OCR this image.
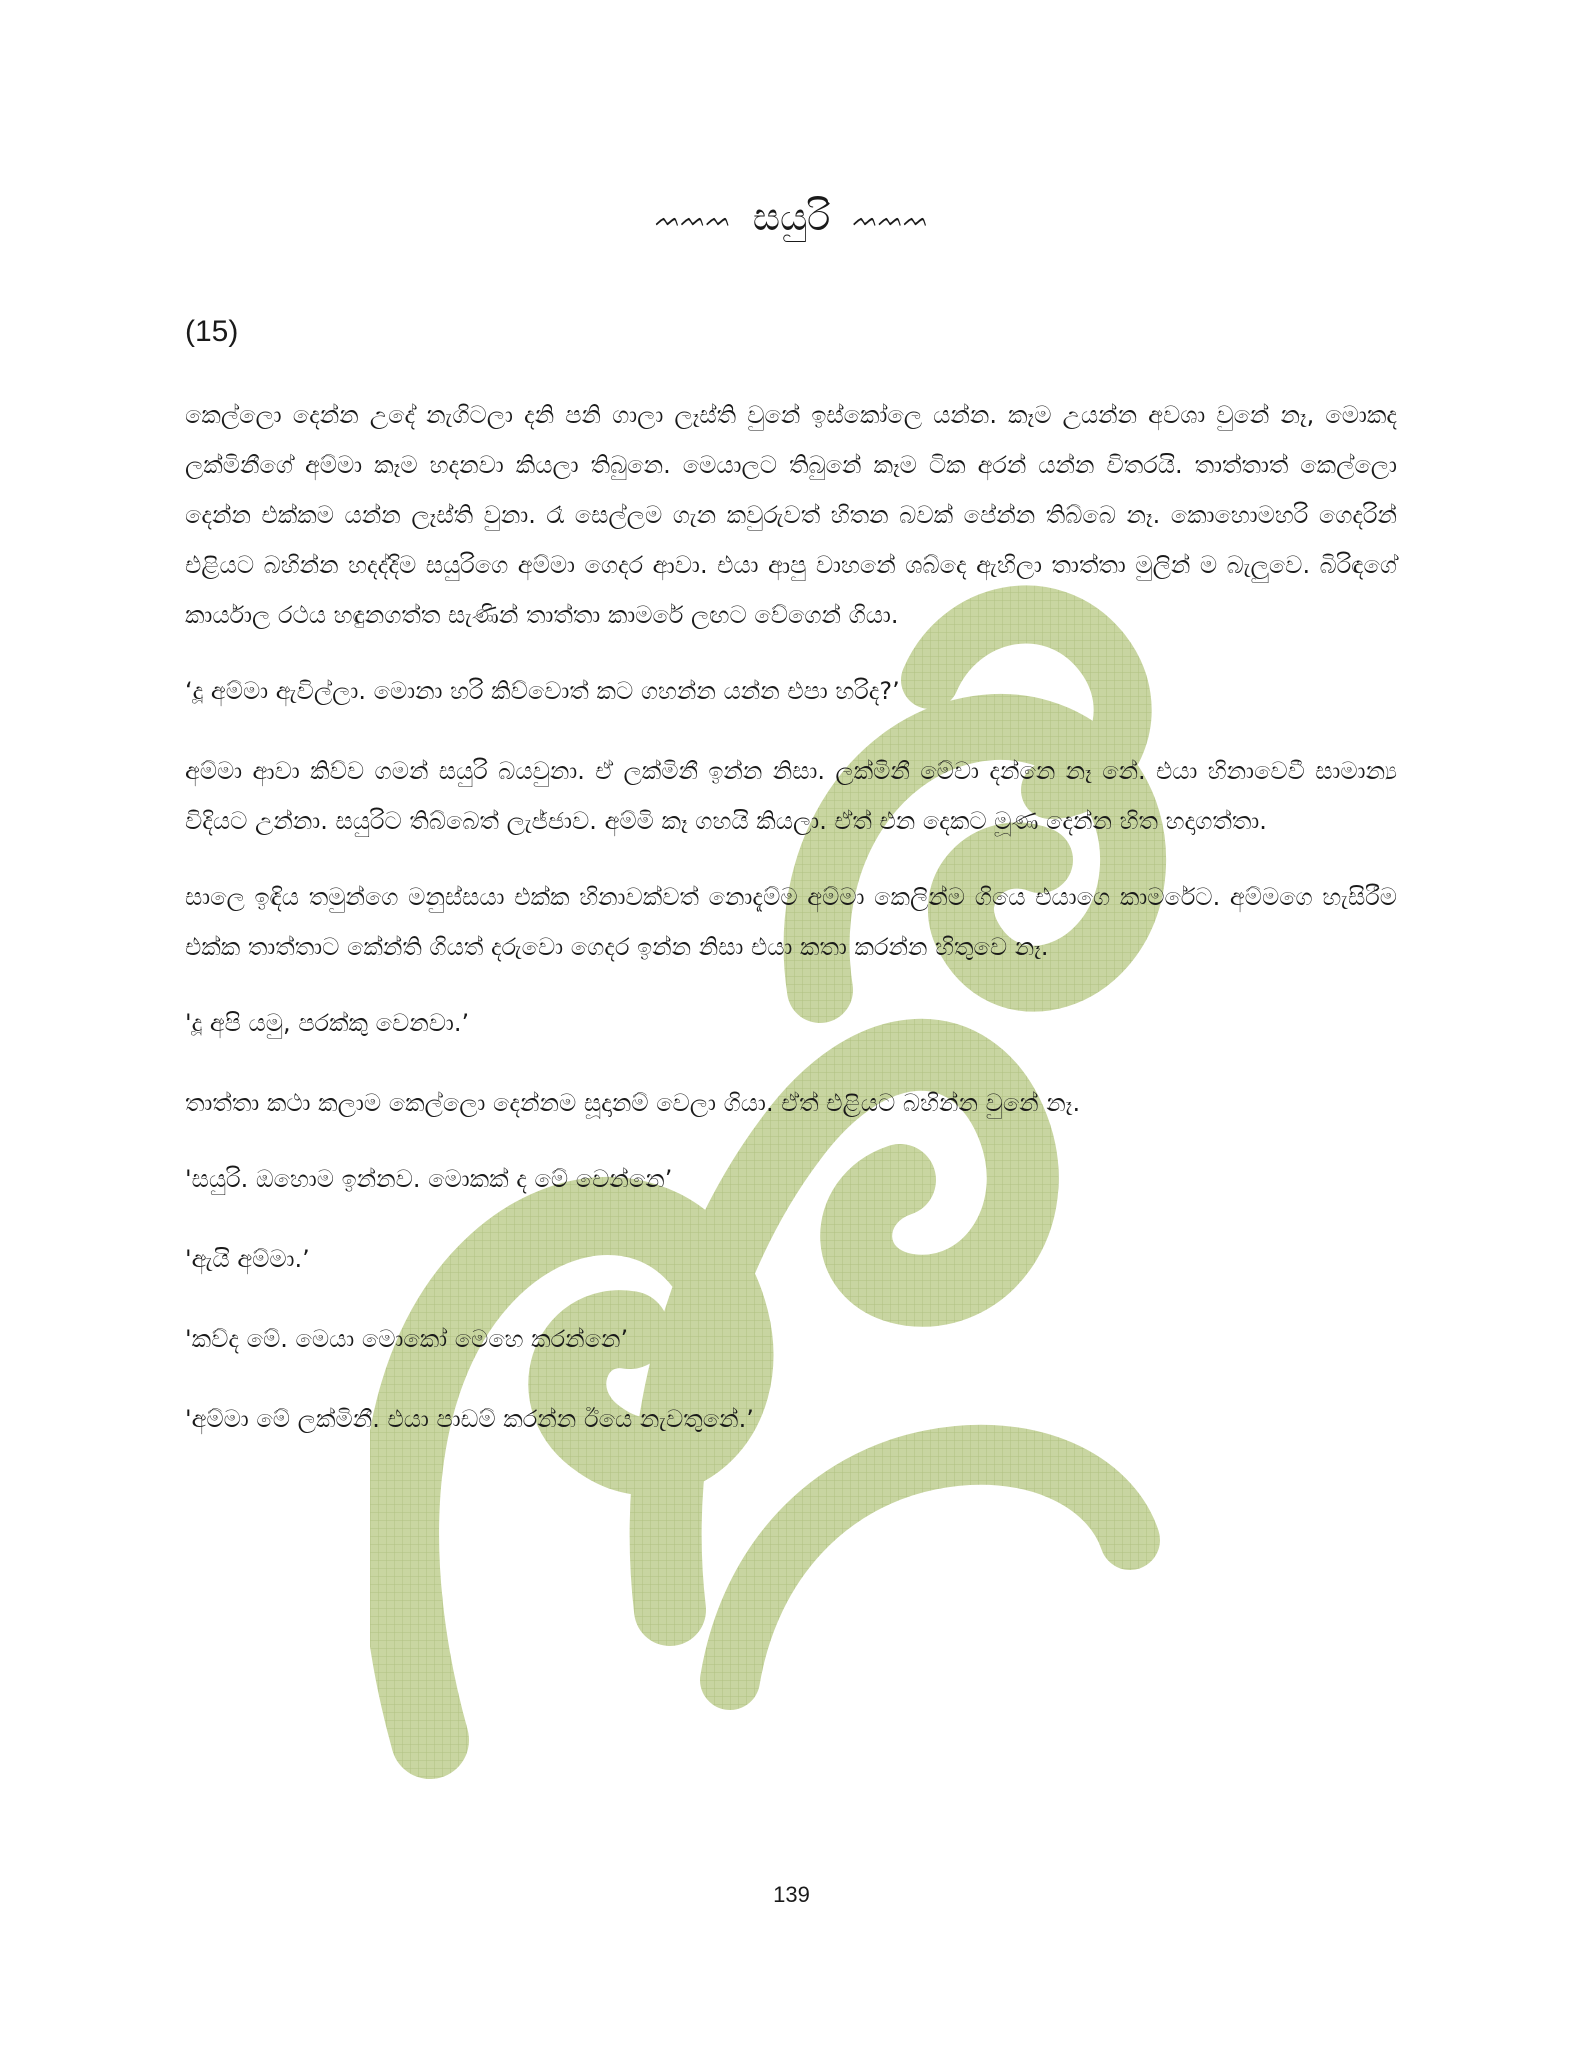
ᨓᨓᨓ සයුරි ᨓᨓᨓ
(15)

කෙල්ලො දෙන්න උදේ නැගිටලා දනි පනි ගාලා ලෑස්ති වුනේ ඉස්කෝලෙ යන්න. කෑම උයන්න අවශා වුනේ නෑ, මොකද ලක්මිනීගේ අම්මා කෑම හදනවා කියලා තිබුනෙ. මෙයාලට තිබුනේ කෑම ටික අරන් යන්න විතරයි. තාත්තාත් කෙල්ලො දෙන්න එක්කම යන්න ලෑස්ති වුනා. රෑ සෙල්ලම ගැන කවුරුවත් හිතන බවක් පේන්න තිබ්බෙ නෑ. කොහොමහරි ගෙදරින් එළියට බහින්න හදද්දිම සයුරිගෙ අම්මා ගෙදර ආවා. එයා ආපු වාහනේ ශබ්දෙ ඇහිලා තාත්තා මුලින් ම බැලුවෙ. බිරිඳගේ කාර්යාල රථය හඳුනගත්ත සැණින් තාත්තා කාමරේ ලඟට වේගෙන් ගියා.

‘දූ අම්මා ඇවිල්ලා. මොනා හරි කිව්වොත් කට ගහන්න යන්න එපා හරිද?’

අම්මා ආවා කිව්ව ගමන් සයුරි බයවුනා. ඒ ලක්මිනී ඉන්න නිසා. ලක්මිනී මේවා දන්නෙ නෑ නේ. එයා හිනාවෙවී සාමාන්‍ය විදියට උන්නා. සයුරිට තිබ්බෙත් ලැජ්ජාව. අම්මි කෑ ගහයි කියලා. ඒත් එන දෙකට මූණ දෙන්න හිත හදාගත්තා.

සාලෙ ඉඳිය තමුන්ගෙ මනුස්සයා එක්ක හිනාවක්වත් නොදැම්ම අම්මා කෙලින්ම ගියෙ එයාගෙ කාමරේට. අම්මගෙ හැසිරීම එක්ක තාත්තාට කේන්ති ගියත් දරුවො ගෙදර ඉන්න නිසා එයා කතා කරන්න හිතුවෙ නෑ.

'දූ අපි යමු, පරක්කු වෙනවා.’

තාත්තා කථා කලාම කෙල්ලො දෙන්නම සූදානම් වෙලා ගියා. ඒත් එළියට බහින්න වුනේ නෑ.

'සයුරි. ඔහොම ඉන්නව. මොකක් ද මේ වෙන්නෙ’

'ඇයි අම්මා.’

'කව්ද මේ. මෙයා මොකෝ මෙහෙ කරන්නෙ’

'අම්මා මේ ලක්මිනී. එයා පාඩම් කරන්න ඊයෙ නැවතුනේ.’

139
